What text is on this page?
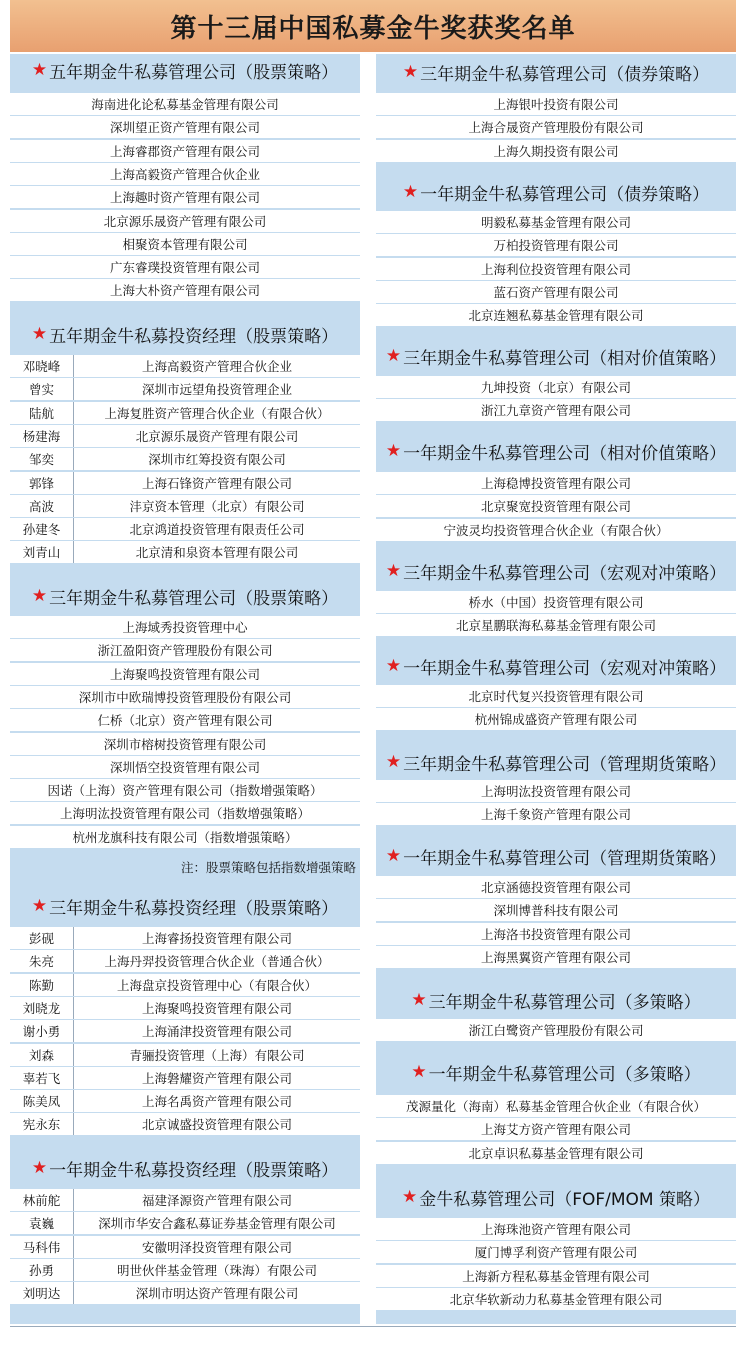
第十三届中国私募金牛奖获奖名单
★ 五年期金牛私募管理公司（股票策略）
海南进化论私募基金管理有限公司
深圳望正资产管理有限公司
上海睿郡资产管理有限公司
上海高毅资产管理合伙企业
上海趣时资产管理有限公司
北京源乐晟资产管理有限公司
相聚资本管理有限公司
广东睿璞投资管理有限公司
上海大朴资产管理有限公司
★ 五年期金牛私募投资经理（股票策略）
邓晓峰	上海高毅资产管理合伙企业
曾实	深圳市远望角投资管理企业
陆航	上海复胜资产管理合伙企业（有限合伙）
杨建海	北京源乐晟资产管理有限公司
邹奕	深圳市红筹投资有限公司
郭锋	上海石锋资产管理有限公司
高波	沣京资本管理（北京）有限公司
孙建冬	北京鸿道投资管理有限责任公司
刘青山	北京清和泉资本管理有限公司
★ 三年期金牛私募管理公司（股票策略）
上海域秀投资管理中心
浙江盈阳资产管理股份有限公司
上海聚鸣投资管理有限公司
深圳市中欧瑞博投资管理股份有限公司
仁桥（北京）资产管理有限公司
深圳市榕树投资管理有限公司
深圳悟空投资管理有限公司
因诺（上海）资产管理有限公司（指数增强策略）
上海明汯投资管理有限公司（指数增强策略）
杭州龙旗科技有限公司（指数增强策略）
注：股票策略包括指数增强策略
★ 三年期金牛私募投资经理（股票策略）
彭砚	上海睿扬投资管理有限公司
朱亮	上海丹羿投资管理合伙企业（普通合伙）
陈勤	上海盘京投资管理中心（有限合伙）
刘晓龙	上海聚鸣投资管理有限公司
谢小勇	上海涌津投资管理有限公司
刘森	青骊投资管理（上海）有限公司
辜若飞	上海磐耀资产管理有限公司
陈美凤	上海名禹资产管理有限公司
宪永东	北京诚盛投资管理有限公司
★ 一年期金牛私募投资经理（股票策略）
林前舵	福建泽源资产管理有限公司
袁巍	深圳市华安合鑫私募证券基金管理有限公司
马科伟	安徽明泽投资管理有限公司
孙勇	明世伙伴基金管理（珠海）有限公司
刘明达	深圳市明达资产管理有限公司
★ 三年期金牛私募管理公司（债券策略）
上海银叶投资有限公司
上海合晟资产管理股份有限公司
上海久期投资有限公司
★ 一年期金牛私募管理公司（债券策略）
明毅私募基金管理有限公司
万柏投资管理有限公司
上海利位投资管理有限公司
蓝石资产管理有限公司
北京连翘私募基金管理有限公司
★ 三年期金牛私募管理公司（相对价值策略）
九坤投资（北京）有限公司
浙江九章资产管理有限公司
★ 一年期金牛私募管理公司（相对价值策略）
上海稳博投资管理有限公司
北京聚宽投资管理有限公司
宁波灵均投资管理合伙企业（有限合伙）
★ 三年期金牛私募管理公司（宏观对冲策略）
桥水（中国）投资管理有限公司
北京星鹏联海私募基金管理有限公司
★ 一年期金牛私募管理公司（宏观对冲策略）
北京时代复兴投资管理有限公司
杭州锦成盛资产管理有限公司
★ 三年期金牛私募管理公司（管理期货策略）
上海明汯投资管理有限公司
上海千象资产管理有限公司
★ 一年期金牛私募管理公司（管理期货策略）
北京涵德投资管理有限公司
深圳博普科技有限公司
上海洛书投资管理有限公司
上海黑翼资产管理有限公司
★ 三年期金牛私募管理公司（多策略）
浙江白鹭资产管理股份有限公司
★ 一年期金牛私募管理公司（多策略）
茂源量化（海南）私募基金管理合伙企业（有限合伙）
上海艾方资产管理有限公司
北京卓识私募基金管理有限公司
★ 金牛私募管理公司（FOF/MOM 策略）
上海珠池资产管理有限公司
厦门博孚利资产管理有限公司
上海新方程私募基金管理有限公司
北京华软新动力私募基金管理有限公司
